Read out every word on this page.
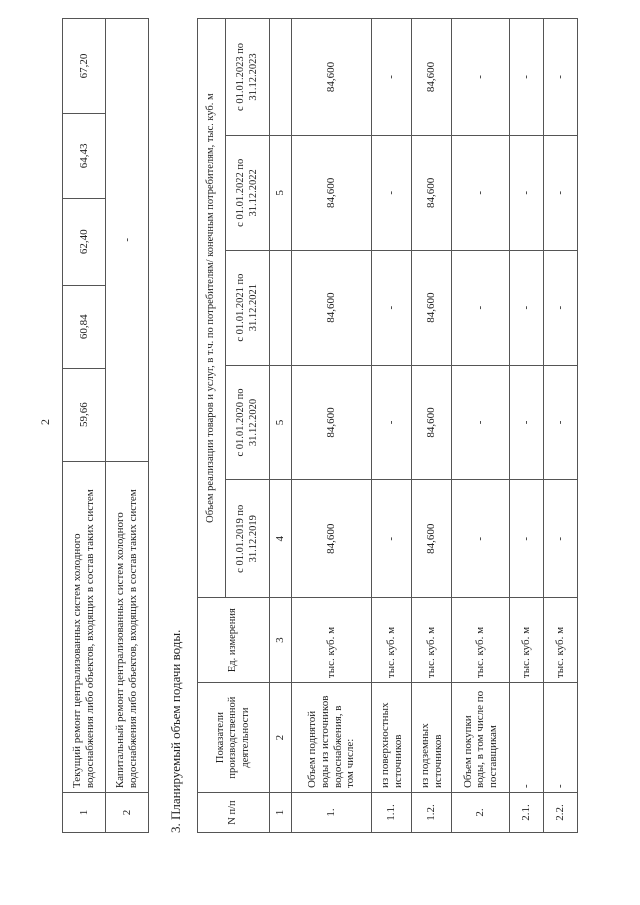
2
1	Текущий ремонт централизованных систем холодного водоснабжения либо объектов, входящих в состав таких систем	59,66	60,84	62,40	64,43	67,20
2	Капитальный ремонт централизованных систем холодного водоснабжения либо объектов, входящих в состав таких систем	-				
3. Планируемый объем подачи воды.	N п/п	Показатели производственной деятельности	Ед. измерения	Объем реализации товаров и услуг, в т.ч. по потребителям/ конечным потребителям, тыс. куб. м				
			с 01.01.2019 по 31.12.2019	с 01.01.2020 по 31.12.2020	с 01.01.2021 по 31.12.2021	с 01.01.2022 по 31.12.2022	с 01.01.2023 по 31.12.2023
1	2	3	4	5		5	
1.	Объем поднятой воды из источников водоснабжения, в том числе:	тыс. куб. м	84,600	84,600	84,600	84,600	84,600
1.1.	из поверхностных источников	тыс. куб. м	-	-	-	-	-
1.2.	из подземных источников	тыс. куб. м	84,600	84,600	84,600	84,600	84,600
2.	Объем покупки воды, в том числе по поставщикам	тыс. куб. м	-	-	-	-	-
2.1.	-	тыс. куб. м	-	-	-	-	-
2.2.	-	тыс. куб. м	-	-	-	-	-
